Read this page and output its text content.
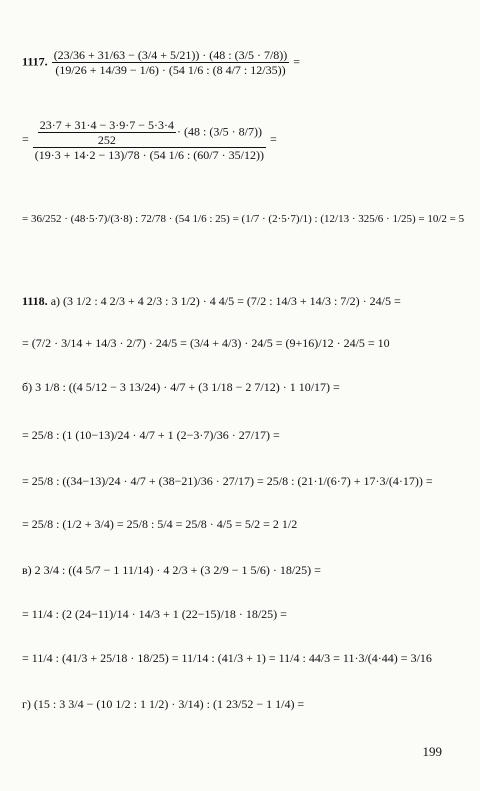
1117. $\frac{(23/36 + 31/63 - (3/4 + 5/21)) \cdot (48 : (3/5 \cdot 7/8))}{(19/26 + 14/39 - 1/6) \cdot (54 1/6 : (8 4/7 : 12/35))}$ =
= $\frac{\frac{23\cdot 7 + 31\cdot 4 - 3\cdot 9\cdot 7 - 5\cdot 3\cdot 4}{252} \cdot (48 : (3/5 \cdot 8/7))}{(19\cdot 3 + 14\cdot 2 - 13)/78 \cdot (54 1/6 : (60/7 \cdot 35/12))}$ =
= 36/252 · (48·5·7)/(3·8) : 72/78 · (54 1/6 : 25) = (1/7 · (2·5·7)/1) : (12/13 · 325/6 · 1/25) = 10/2 = 5
1118. а) (3 1/2 : 4 2/3 + 4 2/3 : 3 1/2) · 4 4/5 = (7/2 : 14/3 + 14/3 : 7/2) · 24/5 =
= (7/2 · 3/14 + 14/3 · 2/7) · 24/5 = (3/4 + 4/3) · 24/5 = (9+16)/12 · 24/5 = 10
б) 3 1/8 : ((4 5/12 − 3 13/24) · 4/7 + (3 1/18 − 2 7/12) · 1 10/17) =
= 25/8 : (1 (10−13)/24 · 4/7 + 1 (2−3·7)/36 · 27/17) =
= 25/8 : ((34−13)/24 · 4/7 + (38−21)/36 · 27/17) = 25/8 : (21·1/(6·7) + 17·3/(4·17)) =
= 25/8 : (1/2 + 3/4) = 25/8 : 5/4 = 25/8 · 4/5 = 5/2 = 2 1/2
в) 2 3/4 : ((4 5/7 − 1 11/14) · 4 2/3 + (3 2/9 − 1 5/6) · 18/25) =
= 11/4 : (2 (24−11)/14 · 14/3 + 1 (22−15)/18 · 18/25) =
= 11/4 : (41/3 + 25/18 · 18/25) = 11/14 : (41/3 + 1) = 11/4 : 44/3 = 11·3/(4·44) = 3/16
г) (15 : 3 3/4 − (10 1/2 : 1 1/2) · 3/14) : (1 23/52 − 1 1/4) =
199
